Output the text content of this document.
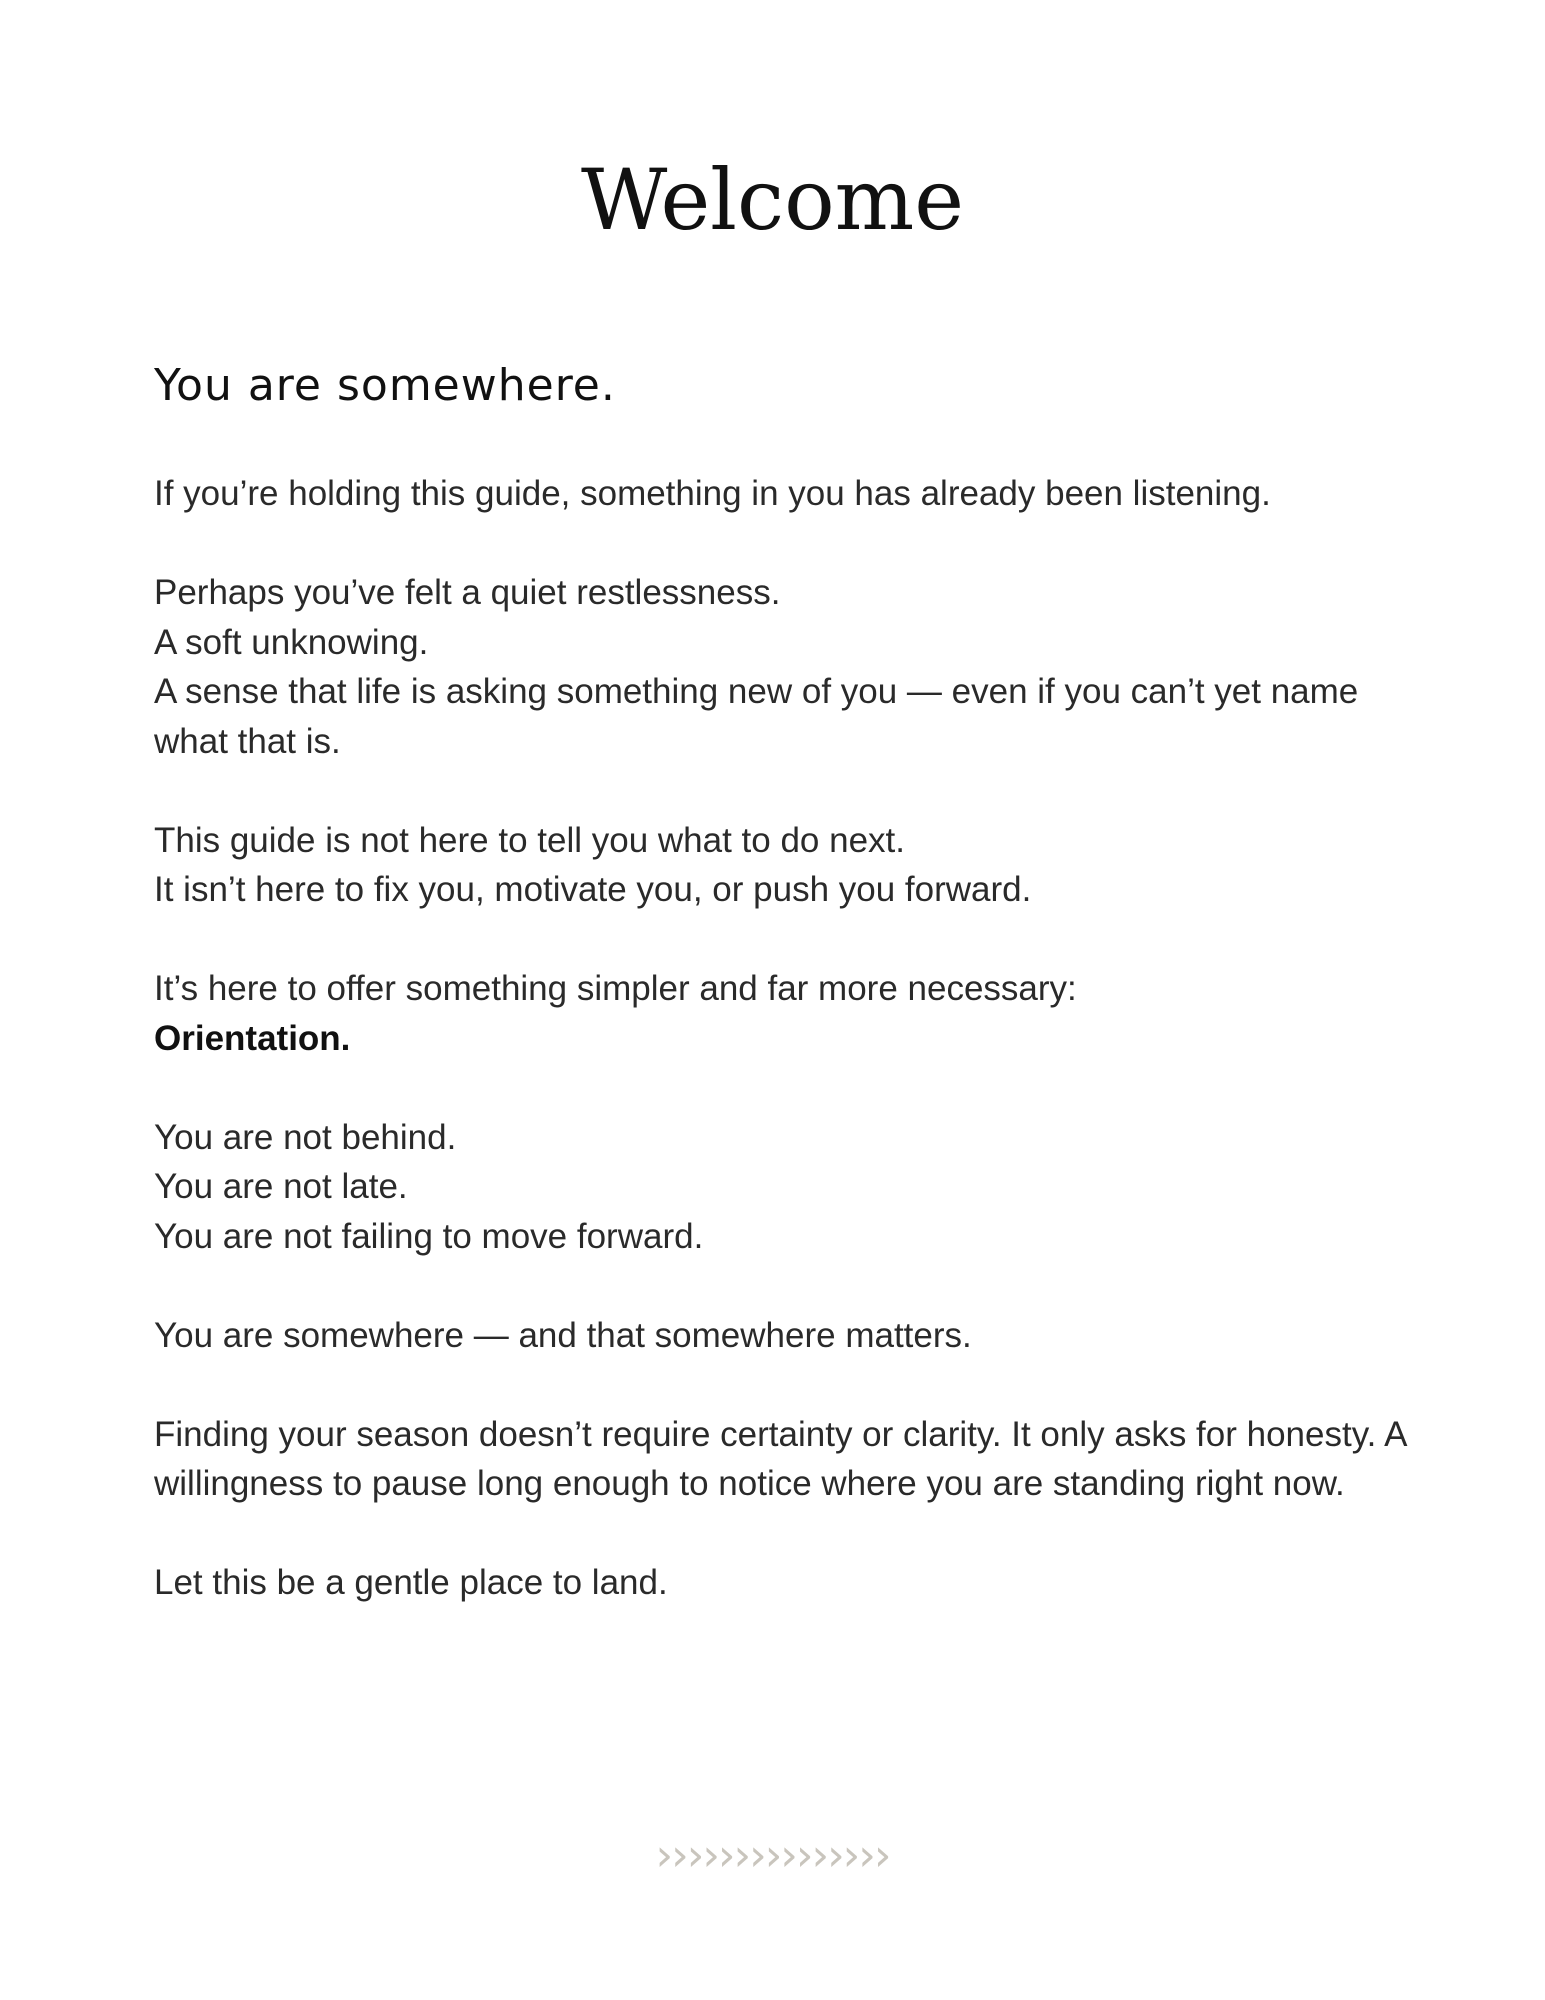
Welcome
You are somewhere.

If you’re holding this guide, something in you has already been listening.

Perhaps you’ve felt a quiet restlessness.
A soft unknowing.
A sense that life is asking something new of you — even if you can’t yet name what that is.

This guide is not here to tell you what to do next.
It isn’t here to fix you, motivate you, or push you forward.

It’s here to offer something simpler and far more necessary:
Orientation.

You are not behind.
You are not late.
You are not failing to move forward.

You are somewhere — and that somewhere matters.

Finding your season doesn’t require certainty or clarity. It only asks for honesty. A willingness to pause long enough to notice where you are standing right now.

Let this be a gentle place to land.

›››››››››››››››
